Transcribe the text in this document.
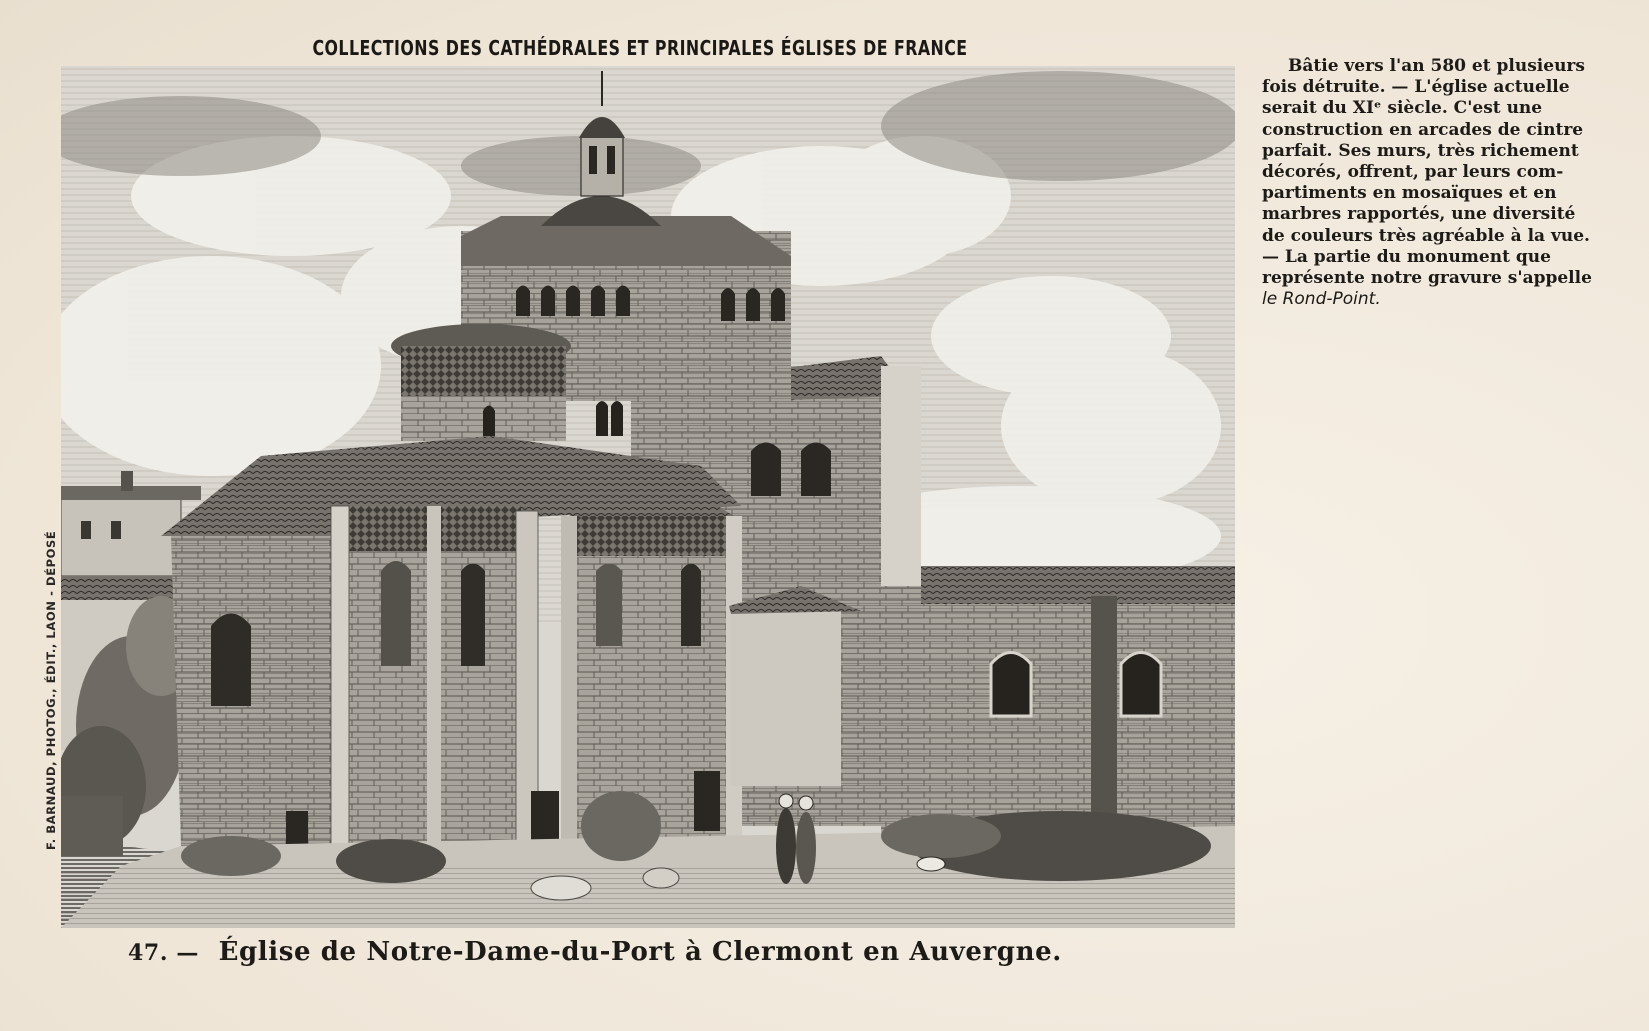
COLLECTIONS DES CATHÉDRALES ET PRINCIPALES ÉGLISES DE FRANCE
F. BARNAUD, PHOTOG., ÉDIT., LAON - DÉPOSÉ
Bâtie vers l'an 580 et plusieurs
fois détruite. — L'église actuelle
serait du XIᵉ siècle. C'est une
construction en arcades de cintre
parfait. Ses murs, très richement
décorés, offrent, par leurs com-
partiments en mosaïques et en
marbres rapportés, une diversité
de couleurs très agréable à la vue.
— La partie du monument que
représente notre gravure s'appelle
le Rond-Point.
47. — Église de Notre-Dame-du-Port à Clermont en Auvergne.
